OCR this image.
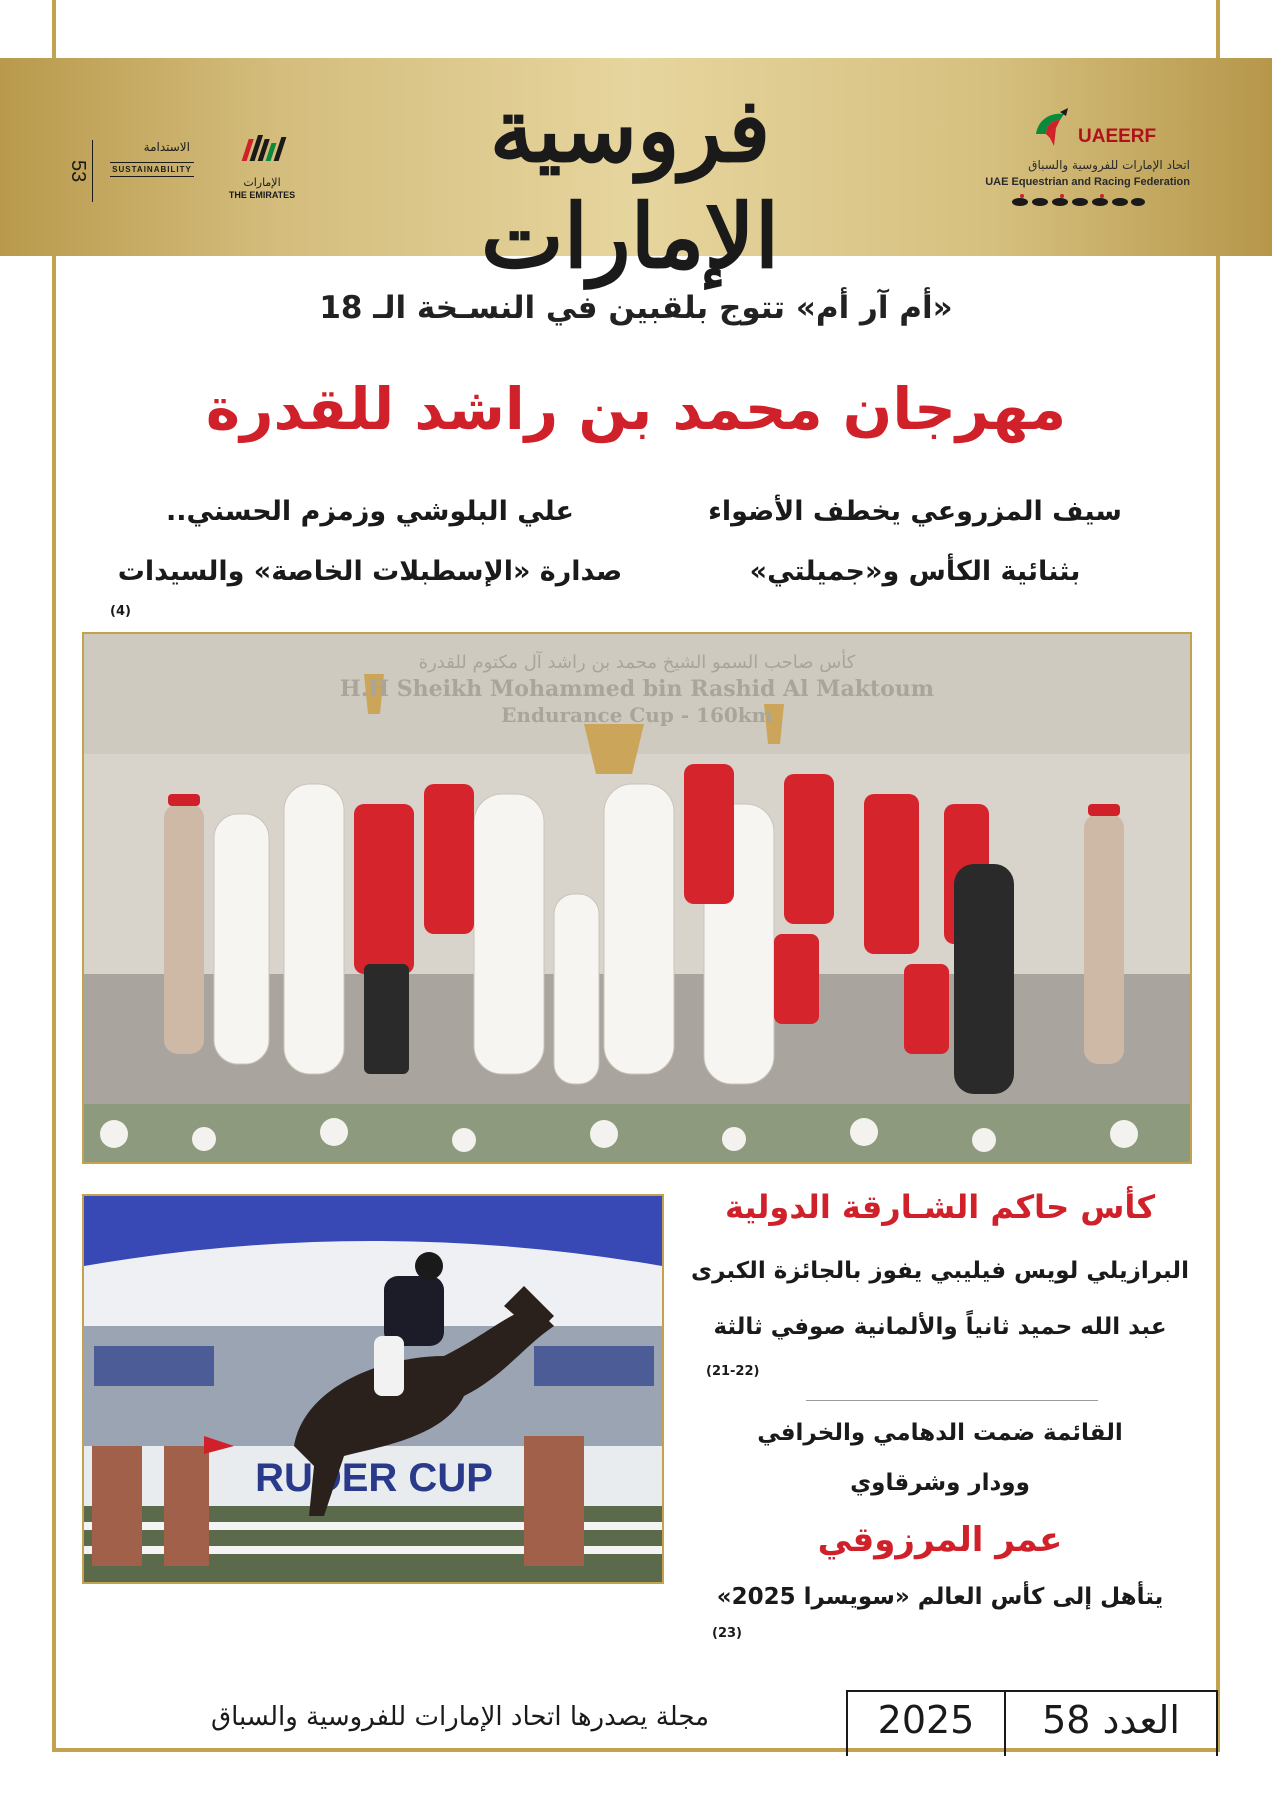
53
الاستدامة
SUSTAINABILITY
الإمارات
THE EMIRATES
فروسية الإمارات
UAEERF
اتحاد الإمارات للفروسية والسباق
UAE Equestrian and Racing Federation
«أم آر أم» تتوج بلقبين في النسـخة الـ 18
مهرجان محمد بن راشد للقدرة
سيف المزروعي يخطف الأضواء
بثنائية الكأس و«جميلتي»
علي البلوشي وزمزم الحسني..
صدارة «الإسطبلات الخاصة» والسيدات
(4)
كأس صاحب السمو الشيخ محمد بن راشد آل مكتوم للقدرة
H.H Sheikh Mohammed bin Rashid Al Maktoum
Endurance Cup - 160km
RUDER CUP
كأس حاكم الشـارقة الدولية
البرازيلي لويس فيليبي يفوز بالجائزة الكبرى
عبد الله حميد ثانياً والألمانية صوفي ثالثة
(21-22)
القائمة ضمت الدهامي والخرافي
وودار وشرقاوي
عمر المرزوقي
يتأهل إلى كأس العالم «سويسرا 2025»
(23)
مجلة يصدرها اتحاد الإمارات للفروسية والسباق	2025	العدد 58
